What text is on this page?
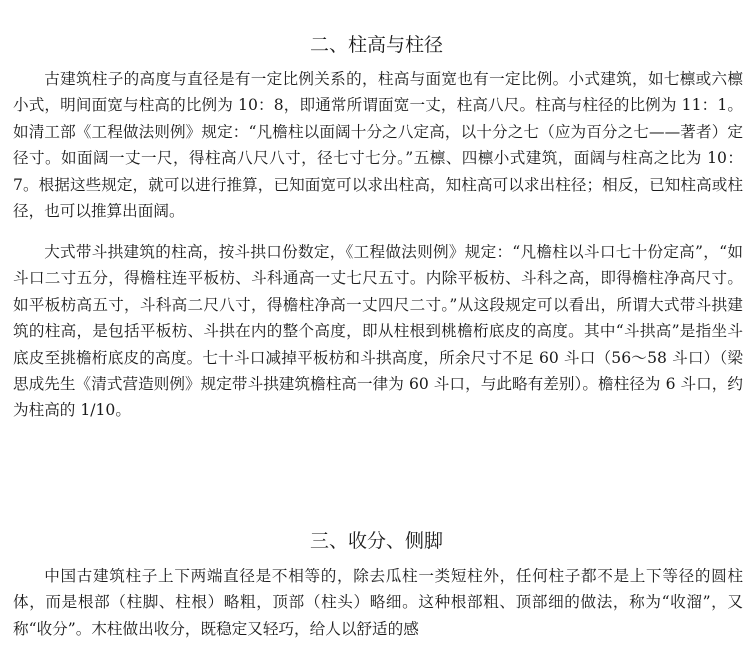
二、柱高与柱径

古建筑柱子的高度与直径是有一定比例关系的，柱高与面宽也有一定比例。小式建筑，如七檩或六檩小式，明间面宽与柱高的比例为 10：8，即通常所谓面宽一丈，柱高八尺。柱高与柱径的比例为 11：1。如清工部《工程做法则例》规定：“凡檐柱以面阔十分之八定高，以十分之七（应为百分之七——著者）定径寸。如面阔一丈一尺，得柱高八尺八寸，径七寸七分。”五檩、四檩小式建筑，面阔与柱高之比为 10：7。根据这些规定，就可以进行推算，已知面宽可以求出柱高，知柱高可以求出柱径；相反，已知柱高或柱径，也可以推算出面阔。

大式带斗拱建筑的柱高，按斗拱口份数定，《工程做法则例》规定：“凡檐柱以斗口七十份定高”，“如斗口二寸五分，得檐柱连平板枋、斗科通高一丈七尺五寸。内除平板枋、斗科之高，即得檐柱净高尺寸。如平板枋高五寸，斗科高二尺八寸，得檐柱净高一丈四尺二寸。”从这段规定可以看出，所谓大式带斗拱建筑的柱高，是包括平板枋、斗拱在内的整个高度，即从柱根到桃檐桁底皮的高度。其中“斗拱高”是指坐斗底皮至挑檐桁底皮的高度。七十斗口减掉平板枋和斗拱高度，所余尺寸不足 60 斗口（56～58 斗口）（梁思成先生《清式营造则例》规定带斗拱建筑檐柱高一律为 60 斗口，与此略有差别）。檐柱径为 6 斗口，约为柱高的 1/10。

三、收分、侧脚

中国古建筑柱子上下两端直径是不相等的，除去瓜柱一类短柱外，任何柱子都不是上下等径的圆柱体，而是根部（柱脚、柱根）略粗，顶部（柱头）略细。这种根部粗、顶部细的做法，称为“收溜”，又称“收分”。木柱做出收分，既稳定又轻巧，给人以舒适的感
